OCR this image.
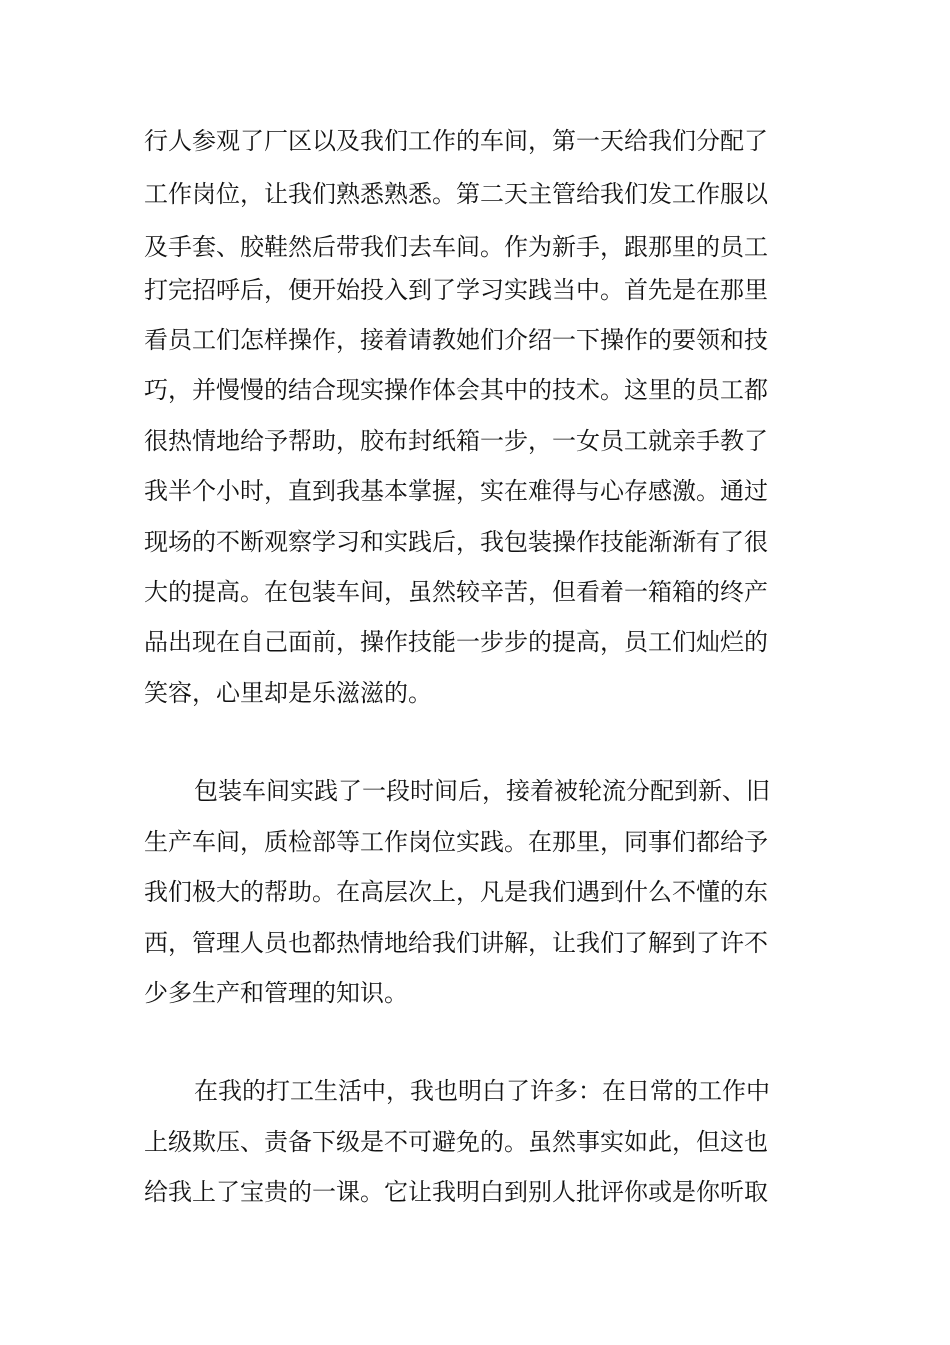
行人参观了厂区以及我们工作的车间，第一天给我们分配了
工作岗位，让我们熟悉熟悉。第二天主管给我们发工作服以
及手套、胶鞋然后带我们去车间。作为新手，跟那里的员工
打完招呼后，便开始投入到了学习实践当中。首先是在那里
看员工们怎样操作，接着请教她们介绍一下操作的要领和技
巧，并慢慢的结合现实操作体会其中的技术。这里的员工都
很热情地给予帮助，胶布封纸箱一步，一女员工就亲手教了
我半个小时，直到我基本掌握，实在难得与心存感激。通过
现场的不断观察学习和实践后，我包装操作技能渐渐有了很
大的提高。在包装车间，虽然较辛苦，但看着一箱箱的终产
品出现在自己面前，操作技能一步步的提高，员工们灿烂的
笑容，心里却是乐滋滋的。
包装车间实践了一段时间后，接着被轮流分配到新、旧
生产车间，质检部等工作岗位实践。在那里，同事们都给予
我们极大的帮助。在高层次上，凡是我们遇到什么不懂的东
西，管理人员也都热情地给我们讲解，让我们了解到了许不
少多生产和管理的知识。
在我的打工生活中，我也明白了许多：在日常的工作中
上级欺压、责备下级是不可避免的。虽然事实如此，但这也
给我上了宝贵的一课。它让我明白到别人批评你或是你听取
